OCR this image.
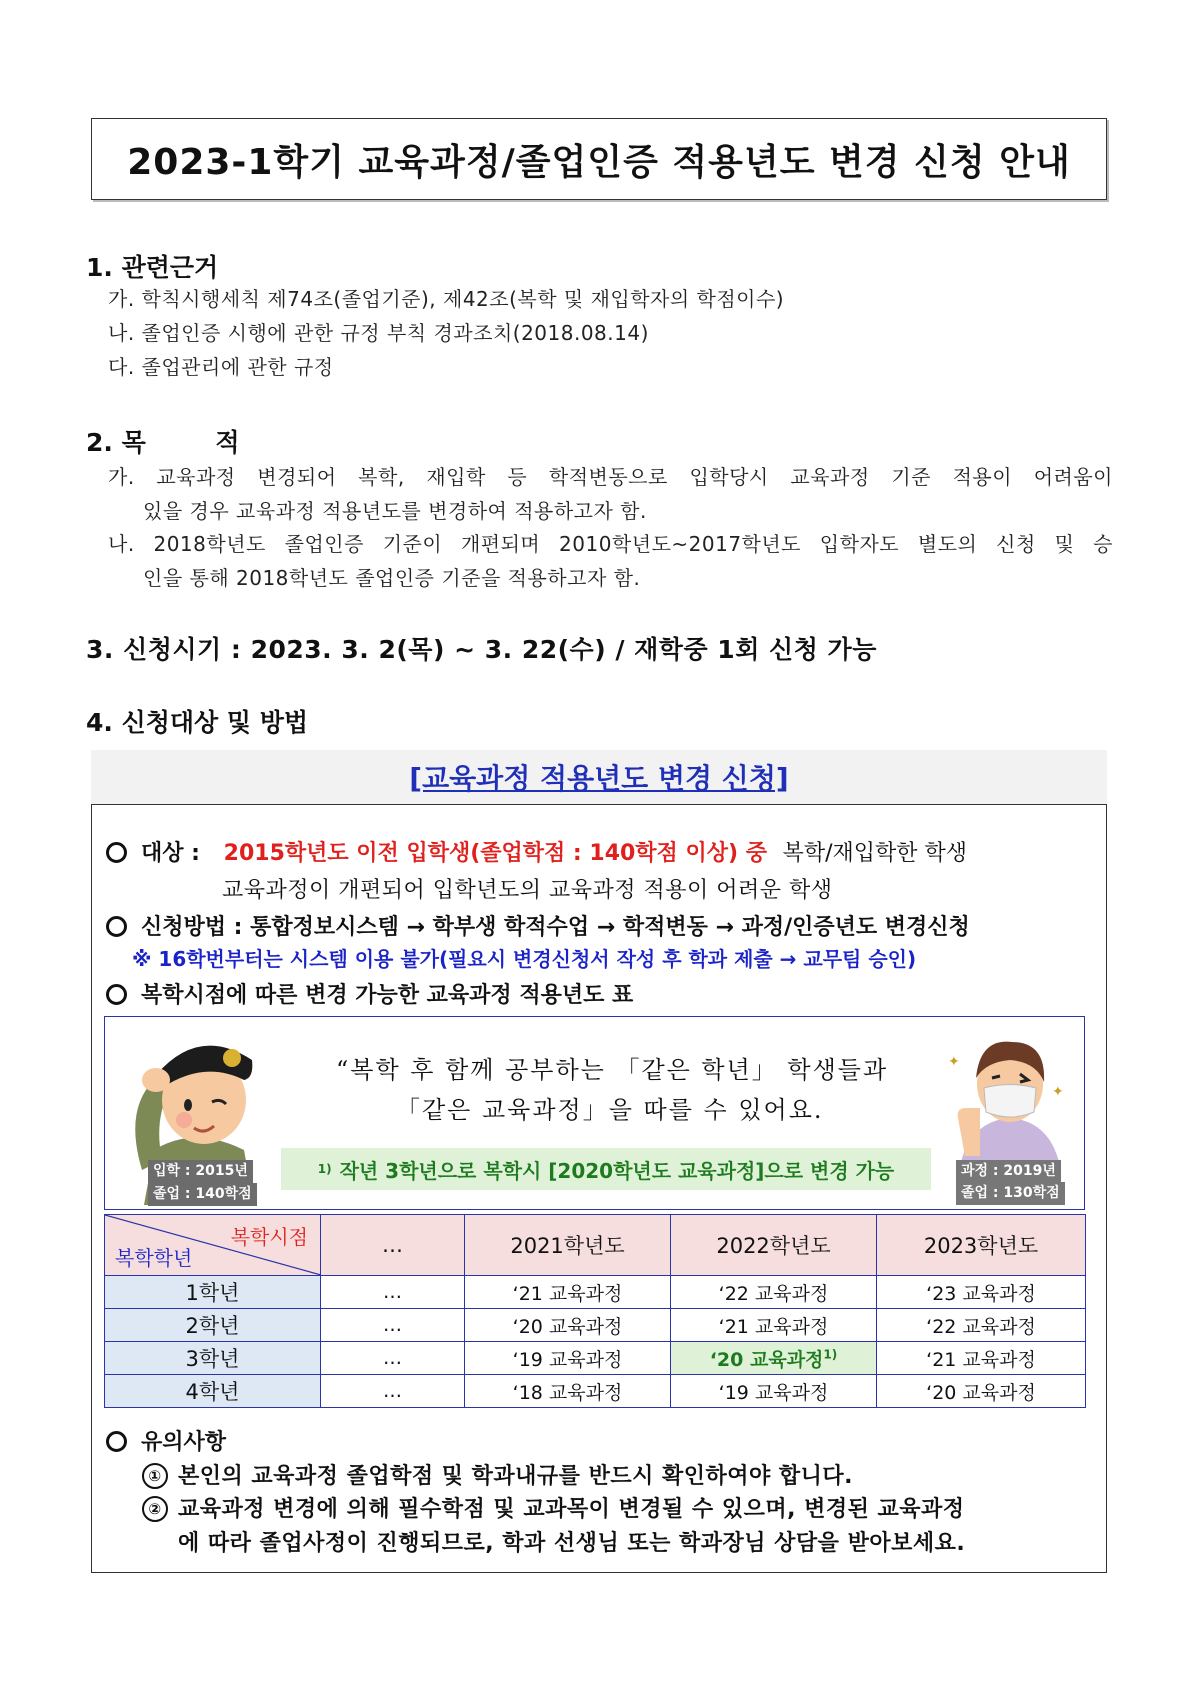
2023-1학기 교육과정/졸업인증 적용년도 변경 신청 안내
1. 관련근거
가. 학칙시행세칙 제74조(졸업기준), 제42조(복학 및 재입학자의 학점이수)
나. 졸업인증 시행에 관한 규정 부칙 경과조치(2018.08.14)
다. 졸업관리에 관한 규정
2. 목        적
가. 교육과정 변경되어 복학, 재입학 등 학적변동으로 입학당시 교육과정 기준 적용이 어려움이
있을 경우 교육과정 적용년도를 변경하여 적용하고자 함.
나. 2018학년도 졸업인증 기준이 개편되며 2010학년도~2017학년도 입학자도 별도의 신청 및 승
인을 통해 2018학년도 졸업인증 기준을 적용하고자 함.
3. 신청시기 : 2023. 3. 2(목) ~ 3. 22(수) / 재학중 1회 신청 가능
4. 신청대상 및 방법
[교육과정 적용년도 변경 신청]
대상 : 2015학년도 이전 입학생(졸업학점 : 140학점 이상) 중 복학/재입학한 학생
교육과정이 개편되어 입학년도의 교육과정 적용이 어려운 학생
신청방법 : 통합정보시스템 → 학부생 학적수업 → 학적변동 → 과정/인증년도 변경신청
※ 16학번부터는 시스템 이용 불가(필요시 변경신청서 작성 후 학과 제출 → 교무팀 승인)
복학시점에 따른 변경 가능한 교육과정 적용년도 표
입학 : 2015년
졸업 : 140학점
✦
✦
과정 : 2019년
졸업 : 130학점
“복학 후 함께 공부하는 「같은 학년」 학생들과
「같은 교육과정」을 따를 수 있어요.
1) 작년 3학년으로 복학시 [2020학년도 교육과정]으로 변경 가능
복학시점
복학학년	…	2021학년도	2022학년도	2023학년도
1학년	…	‘21 교육과정	‘22 교육과정	‘23 교육과정
2학년	…	‘20 교육과정	‘21 교육과정	‘22 교육과정
3학년	…	‘19 교육과정	‘20 교육과정$^{1)}$	‘21 교육과정
4학년	…	‘18 교육과정	‘19 교육과정	‘20 교육과정
유의사항
① 본인의 교육과정 졸업학점 및 학과내규를 반드시 확인하여야 합니다.
② 교육과정 변경에 의해 필수학점 및 교과목이 변경될 수 있으며, 변경된 교육과정
에 따라 졸업사정이 진행되므로, 학과 선생님 또는 학과장님 상담을 받아보세요.
